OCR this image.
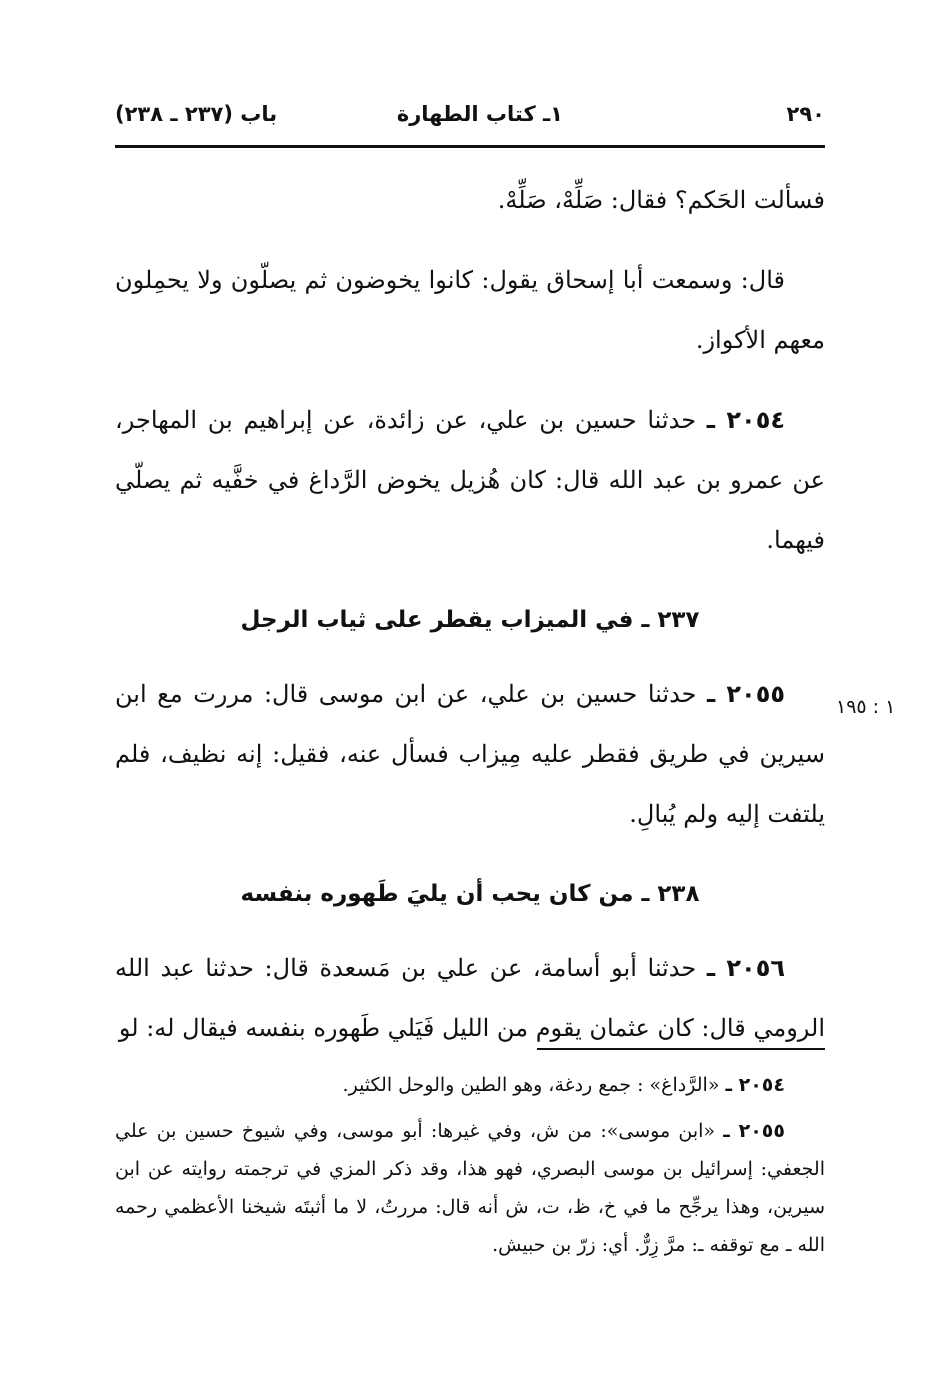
٢٩٠
١ـ كتاب الطهارة
باب (٢٣٧ ـ ٢٣٨)

فسألت الحَكم؟ فقال: صَلِّهْ، صَلِّهْ.

قال: وسمعت أبا إسحاق يقول: كانوا يخوضون ثم يصلّون ولا يحمِلون معهم الأكواز.

٢٠٥٤ ـ حدثنا حسين بن علي، عن زائدة، عن إبراهيم بن المهاجر، عن عمرو بن عبد الله قال: كان هُزيل يخوض الرَّداغ في خفَّيه ثم يصلّي فيهما.

٢٣٧ ـ في الميزاب يقطر على ثياب الرجل

٢٠٥٥ ـ حدثنا حسين بن علي، عن ابن موسى قال: مررت مع ابن سيرين في طريق فقطر عليه مِيزاب فسأل عنه، فقيل: إنه نظيف، فلم يلتفت إليه ولم يُبالِ.

٢٣٨ ـ من كان يحب أن يليَ طَهوره بنفسه

٢٠٥٦ ـ حدثنا أبو أسامة، عن علي بن مَسعدة قال: حدثنا عبد الله الرومي قال: كان عثمان يقوم من الليل فَيَلي طَهوره بنفسه فيقال له: لو

١ : ١٩٥

٢٠٥٤ ـ «الرَّداغ» : جمع ردغة، وهو الطين والوحل الكثير.

٢٠٥٥ ـ «ابن موسى»: من ش، وفي غيرها: أبو موسى، وفي شيوخ حسين بن علي الجعفي: إسرائيل بن موسى البصري، فهو هذا، وقد ذكر المزي في ترجمته روايته عن ابن سيرين، وهذا يرجِّح ما في خ، ظ، ت، ش أنه قال: مررتُ، لا ما أثبتَه شيخنا الأعظمي رحمه الله ـ مع توقفه ـ: مرَّ زِرٌّ. أي: زرّ بن حبيش.
